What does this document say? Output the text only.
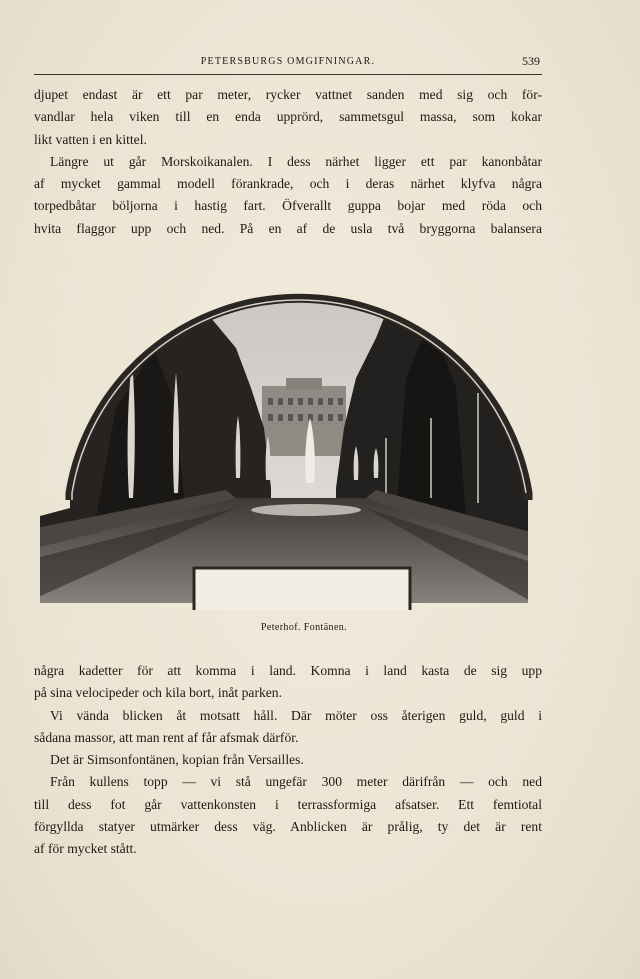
PETERSBURGS OMGIFNINGAR.	539

djupet endast är ett par meter, rycker vattnet sanden med sig och för-

vandlar hela viken till en enda upprörd, sammetsgul massa, som kokar

likt vatten i en kittel.

Längre ut går Morskoikanalen. I dess närhet ligger ett par kanonbåtar

af mycket gammal modell förankrade, och i deras närhet klyfva några

torpedbåtar böljorna i hastig fart. Öfverallt guppa bojar med röda och

hvita flaggor upp och ned. På en af de usla två bryggorna balansera

Peterhof. Fontänen.

några kadetter för att komma i land. Komna i land kasta de sig upp

på sina velocipeder och kila bort, inåt parken.

Vi vända blicken åt motsatt håll. Där möter oss återigen guld, guld i

sådana massor, att man rent af får afsmak därför.

Det är Simsonfontänen, kopian från Versailles.

Från kullens topp — vi stå ungefär 300 meter därifrån — och ned

till dess fot går vattenkonsten i terrassformiga afsatser. Ett femtiotal

förgyllda statyer utmärker dess väg. Anblicken är prålig, ty det är rent

af för mycket stått.
